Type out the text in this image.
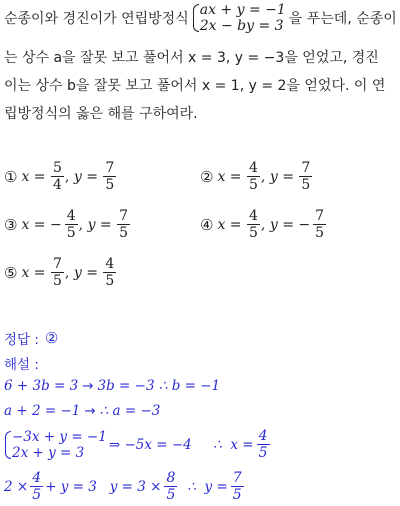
순종이와 경진이가 연립방정식
ax + y = −1
2x − by = 3 을 푸는데, 순종이
는 상수 a을 잘못 보고 풀어서 x = 3, y = −3을 얻었고, 경진
이는 상수 b을 잘못 보고 풀어서 x = 1, y = 2을 얻었다. 이 연
립방정식의 옳은 해를 구하여라.
① $x = \frac{5}{4}$ , $y = \frac{7}{5}$	② $x = \frac{4}{5}$ , $y = \frac{7}{5}$
③ x = − $\frac{4}{5}$ , $y = \frac{7}{5}$	④ $x = \frac{4}{5}$ , y = − $\frac{7}{5}$
⑤ $x = \frac{7}{5}$ , $y = \frac{4}{5}$
정답 : ②
해설 :
6 + 3b = 3 → 3b = −3 ∴ b = −1
a + 2 = −1 → ∴ a = −3
−3x + y = −1
2x + y = 3	⇒ −5x = −4     ∴  $x = \frac{4}{5}$
$2 \times \frac{4}{5} + y = 3$   $y = 3 \times \frac{8}{5}$ ∴  $y = \frac{7}{5}$
